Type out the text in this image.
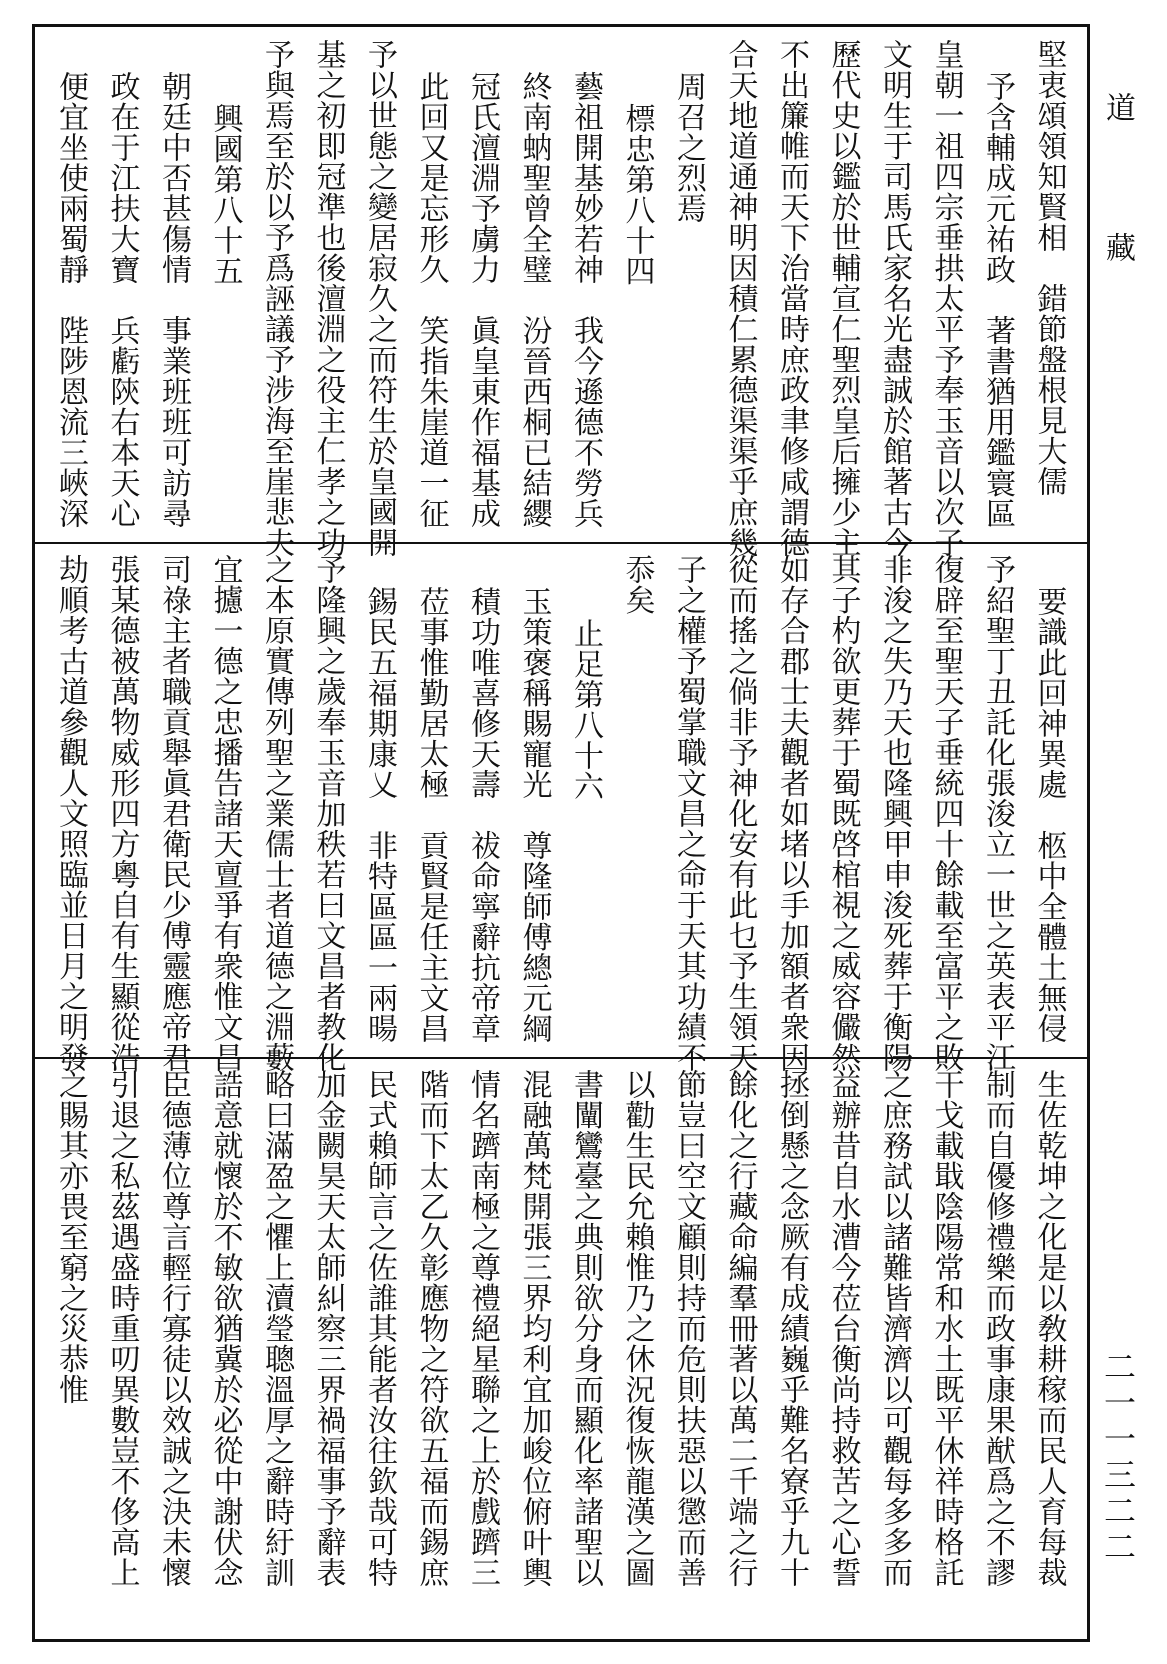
堅衷頌領知賢相　錯節盤根見大儒
予含輔成元祐政　著書猶用鑑寰區
皇朝一祖四宗垂拱太平予奉玉音以次子
文明生于司馬氏家名光盡誠於館著古今
歷代史以鑑於世輔宣仁聖烈皇后擁少主
不出簾帷而天下治當時庶政聿修咸謂德
合天地道通神明因積仁累德渠渠乎庶幾
周召之烈焉
標忠第八十四
藝祖開基妙若神　我今遜德不勞兵
終南蚋聖曾全璧　汾晉西桐已結纓
冠氏澶淵予虜力　眞皇東作福基成
此回又是忘形久　笑指朱崖道一征
予以世態之變居寂久之而符生於皇國開
基之初即冠準也後澶淵之役主仁孝之功
予與焉至於以予爲誣議予涉海至崖悲夫
興國第八十五
朝廷中否甚傷情　事業班班可訪尋
政在于江扶大寶　兵虧陝右本天心
便宜坐使兩蜀靜　陛陟恩流三峽深
要識此回神異處　柩中全體土無侵
予紹聖丁丑託化張浚立一世之英表平江
復辟至聖天子垂統四十餘載至富平之敗
非浚之失乃天也隆興甲申浚死葬于衡陽
其子杓欲更葬于蜀既啓棺視之威容儼然
如存合郡士夫觀者如堵以手加額者衆因
從而搖之倘非予神化安有此乜予生領天
子之權予蜀掌職文昌之命于天其功績不
忝矣
止足第八十六
玉策褒稱賜寵光　尊隆師傅總元綱
積功唯喜修天壽　祓命寧辭抗帝章
莅事惟勤居太極　貢賢是任主文昌
錫民五福期康乂　非特區區一兩暘
予隆興之歲奉玉音加秩若曰文昌者教化
之本原實傳列聖之業儒士者道德之淵藪
宜攄一德之忠播告諸天亶爭有衆惟文昌
司祿主者職貢舉眞君衛民少傅靈應帝君
張某德被萬物威形四方粵自有生顯從浩
劫順考古道參觀人文照臨並日月之明發
生佐乾坤之化是以敎耕稼而民人育每裁
制而自優修禮樂而政事康果猷爲之不謬
干戈載戢陰陽常和水土既平休祥時格託
之庶務試以諸難皆濟濟以可觀每多多而
益辦昔自水漕今莅台衡尚持救苦之心誓
拯倒懸之念厥有成績巍乎難名寮乎九十
餘化之行藏命編羣冊著以萬二千端之行
節豈曰空文顧則持而危則扶惡以懲而善
以勸生民允賴惟乃之休況復恢龍漢之圖
書闡鸞臺之典則欲分身而顯化率諸聖以
混融萬梵開張三界均利宜加峻位俯叶輿
情名躋南極之尊禮絕星聯之上於戲躋三
階而下太乙久彰應物之符欲五福而錫庶
民式賴師言之佐誰其能者汝往欽哉可特
加金闕昊天太師糾察三界禍福事予辭表
略曰滿盈之懼上瀆瑩聰溫厚之辭時紆訓
誥意就懷於不敏欲猶冀於必從中謝伏念
臣德薄位尊言輕行寡徒以效誠之決未懷
引退之私茲遇盛時重叨異數豈不侈高上
之賜其亦畏至窮之災恭惟
道
藏
二一一三二二
